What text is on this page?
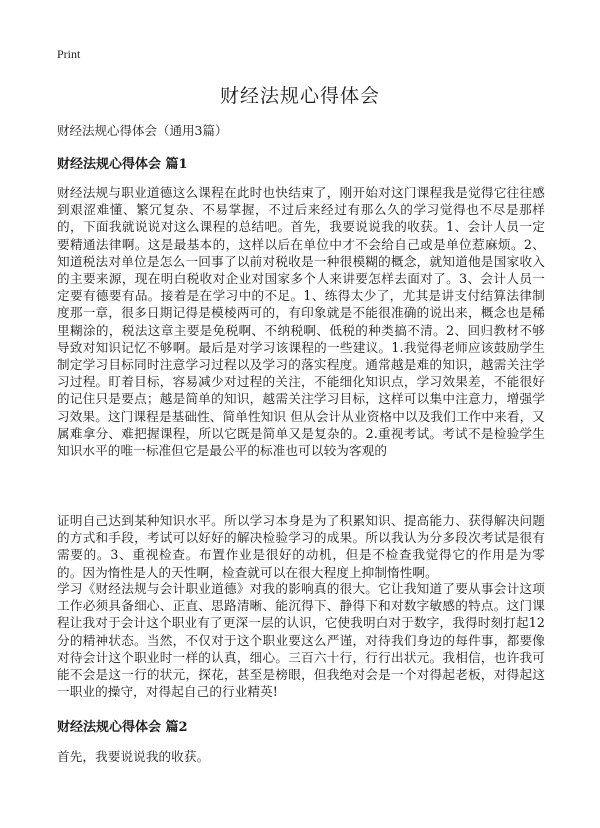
Print
财经法规心得体会

财经法规心得体会（通用3篇）

财经法规心得体会 篇1

财经法规与职业道德这么课程在此时也快结束了，刚开始对这门课程我是觉得它往往感到艰涩难懂、繁冗复杂、不易掌握，不过后来经过有那么久的学习觉得也不尽是那样的，下面我就说说对这么课程的总结吧。首先，我要说说我的收获。1、会计人员一定要精通法律啊。这是最基本的，这样以后在单位中才不会给自己或是单位惹麻烦。2、知道税法对单位是怎么一回事了以前对税收是一种很模糊的概念，就知道他是国家收入的主要来源，现在明白税收对企业对国家多个人来讲要怎样去面对了。3、会计人员一定要有德要有品。接着是在学习中的不足。1、练得太少了，尤其是讲支付结算法律制度那一章，很多日期记得是模棱两可的，有印象就是不能很准确的说出来，概念也是稀里糊涂的，税法这章主要是免税啊、不纳税啊、低税的种类搞不清。2、回归教材不够导致对知识记忆不够啊。最后是对学习该课程的一些建议。1.我觉得老师应该鼓励学生制定学习目标同时注意学习过程以及学习的落实程度。通常越是难的知识，越需关注学习过程。盯着目标，容易减少对过程的关注，不能细化知识点，学习效果差，不能很好的记住只是要点；越是简单的知识，越需关注学习目标，这样可以集中注意力，增强学习效果。这门课程是基础性、简单性知识 但从会计从业资格中以及我们工作中来看，又属难拿分、难把握课程，所以它既是简单又是复杂的。2.重视考试。考试不是检验学生知识水平的唯一标准但它是最公平的标准也可以较为客观的

证明自己达到某种知识水平。所以学习本身是为了积累知识、提高能力、获得解决问题的方式和手段，考试可以好好的解决检验学习的成果。所以我认为分多段次考试是很有需要的。3、重视检查。布置作业是很好的动机，但是不检查我觉得它的作用是为零的。因为惰性是人的天性啊，检查就可以在很大程度上抑制惰性啊。

学习《财经法规与会计职业道德》对我的影响真的很大。它让我知道了要从事会计这项工作必须具备细心、正直、思路清晰、能沉得下、静得下和对数字敏感的特点。这门课程让我对于会计这个职业有了更深一层的认识，它使我明白对于数字，我得时刻打起12分的精神状态。当然，不仅对于这个职业要这么严谨，对待我们身边的每件事，都要像对待会计这个职业时一样的认真，细心。三百六十行，行行出状元。我相信，也许我可能不会是这一行的状元，探花，甚至是榜眼，但我绝对会是一个对得起老板，对得起这一职业的操守，对得起自己的行业精英!

财经法规心得体会 篇2

首先，我要说说我的收获。
